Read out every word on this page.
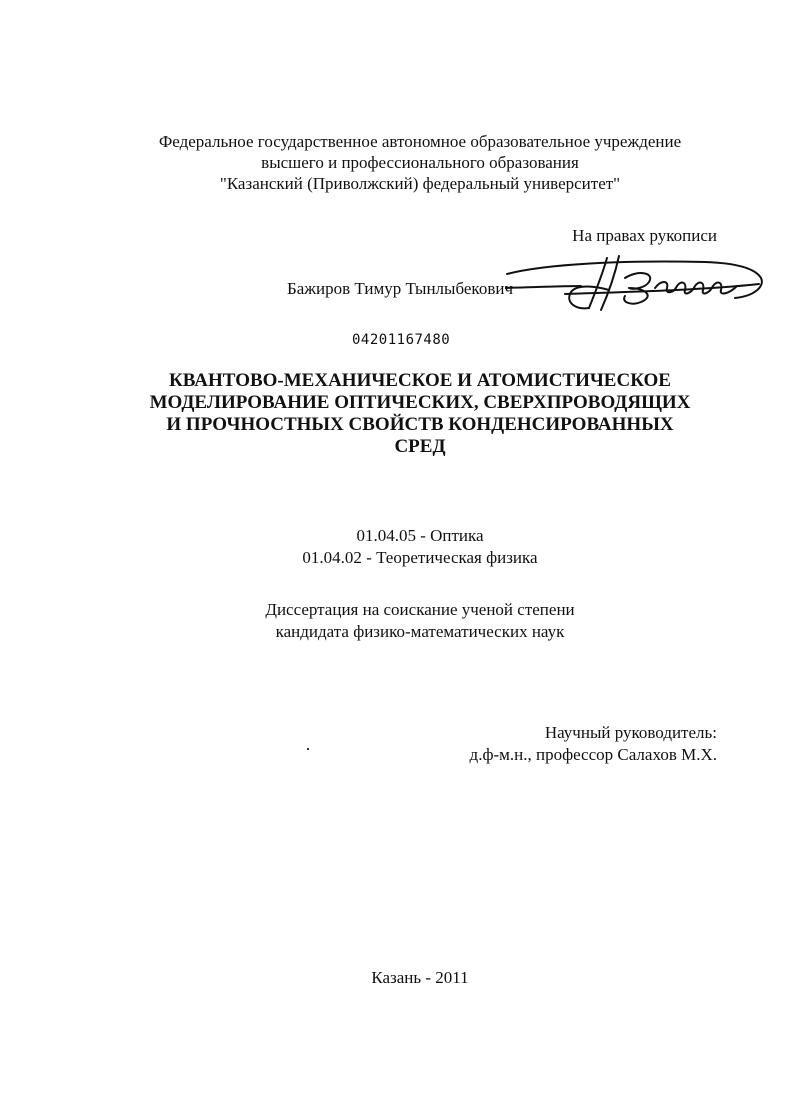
Федеральное государственное автономное образовательное учреждение
высшего и профессионального образования
"Казанский (Приволжский) федеральный университет"
На правах рукописи
Бажиров Тимур Тынлыбекович
04201167480
КВАНТОВО-МЕХАНИЧЕСКОЕ И АТОМИСТИЧЕСКОЕ
МОДЕЛИРОВАНИЕ ОПТИЧЕСКИХ, СВЕРХПРОВОДЯЩИХ
И ПРОЧНОСТНЫХ СВОЙСТВ КОНДЕНСИРОВАННЫХ
СРЕД
01.04.05 - Оптика
01.04.02 - Теоретическая физика
Диссертация на соискание ученой степени
кандидата физико-математических наук
Научный руководитель:
д.ф-м.н., профессор Салахов М.Х.
Казань - 2011
